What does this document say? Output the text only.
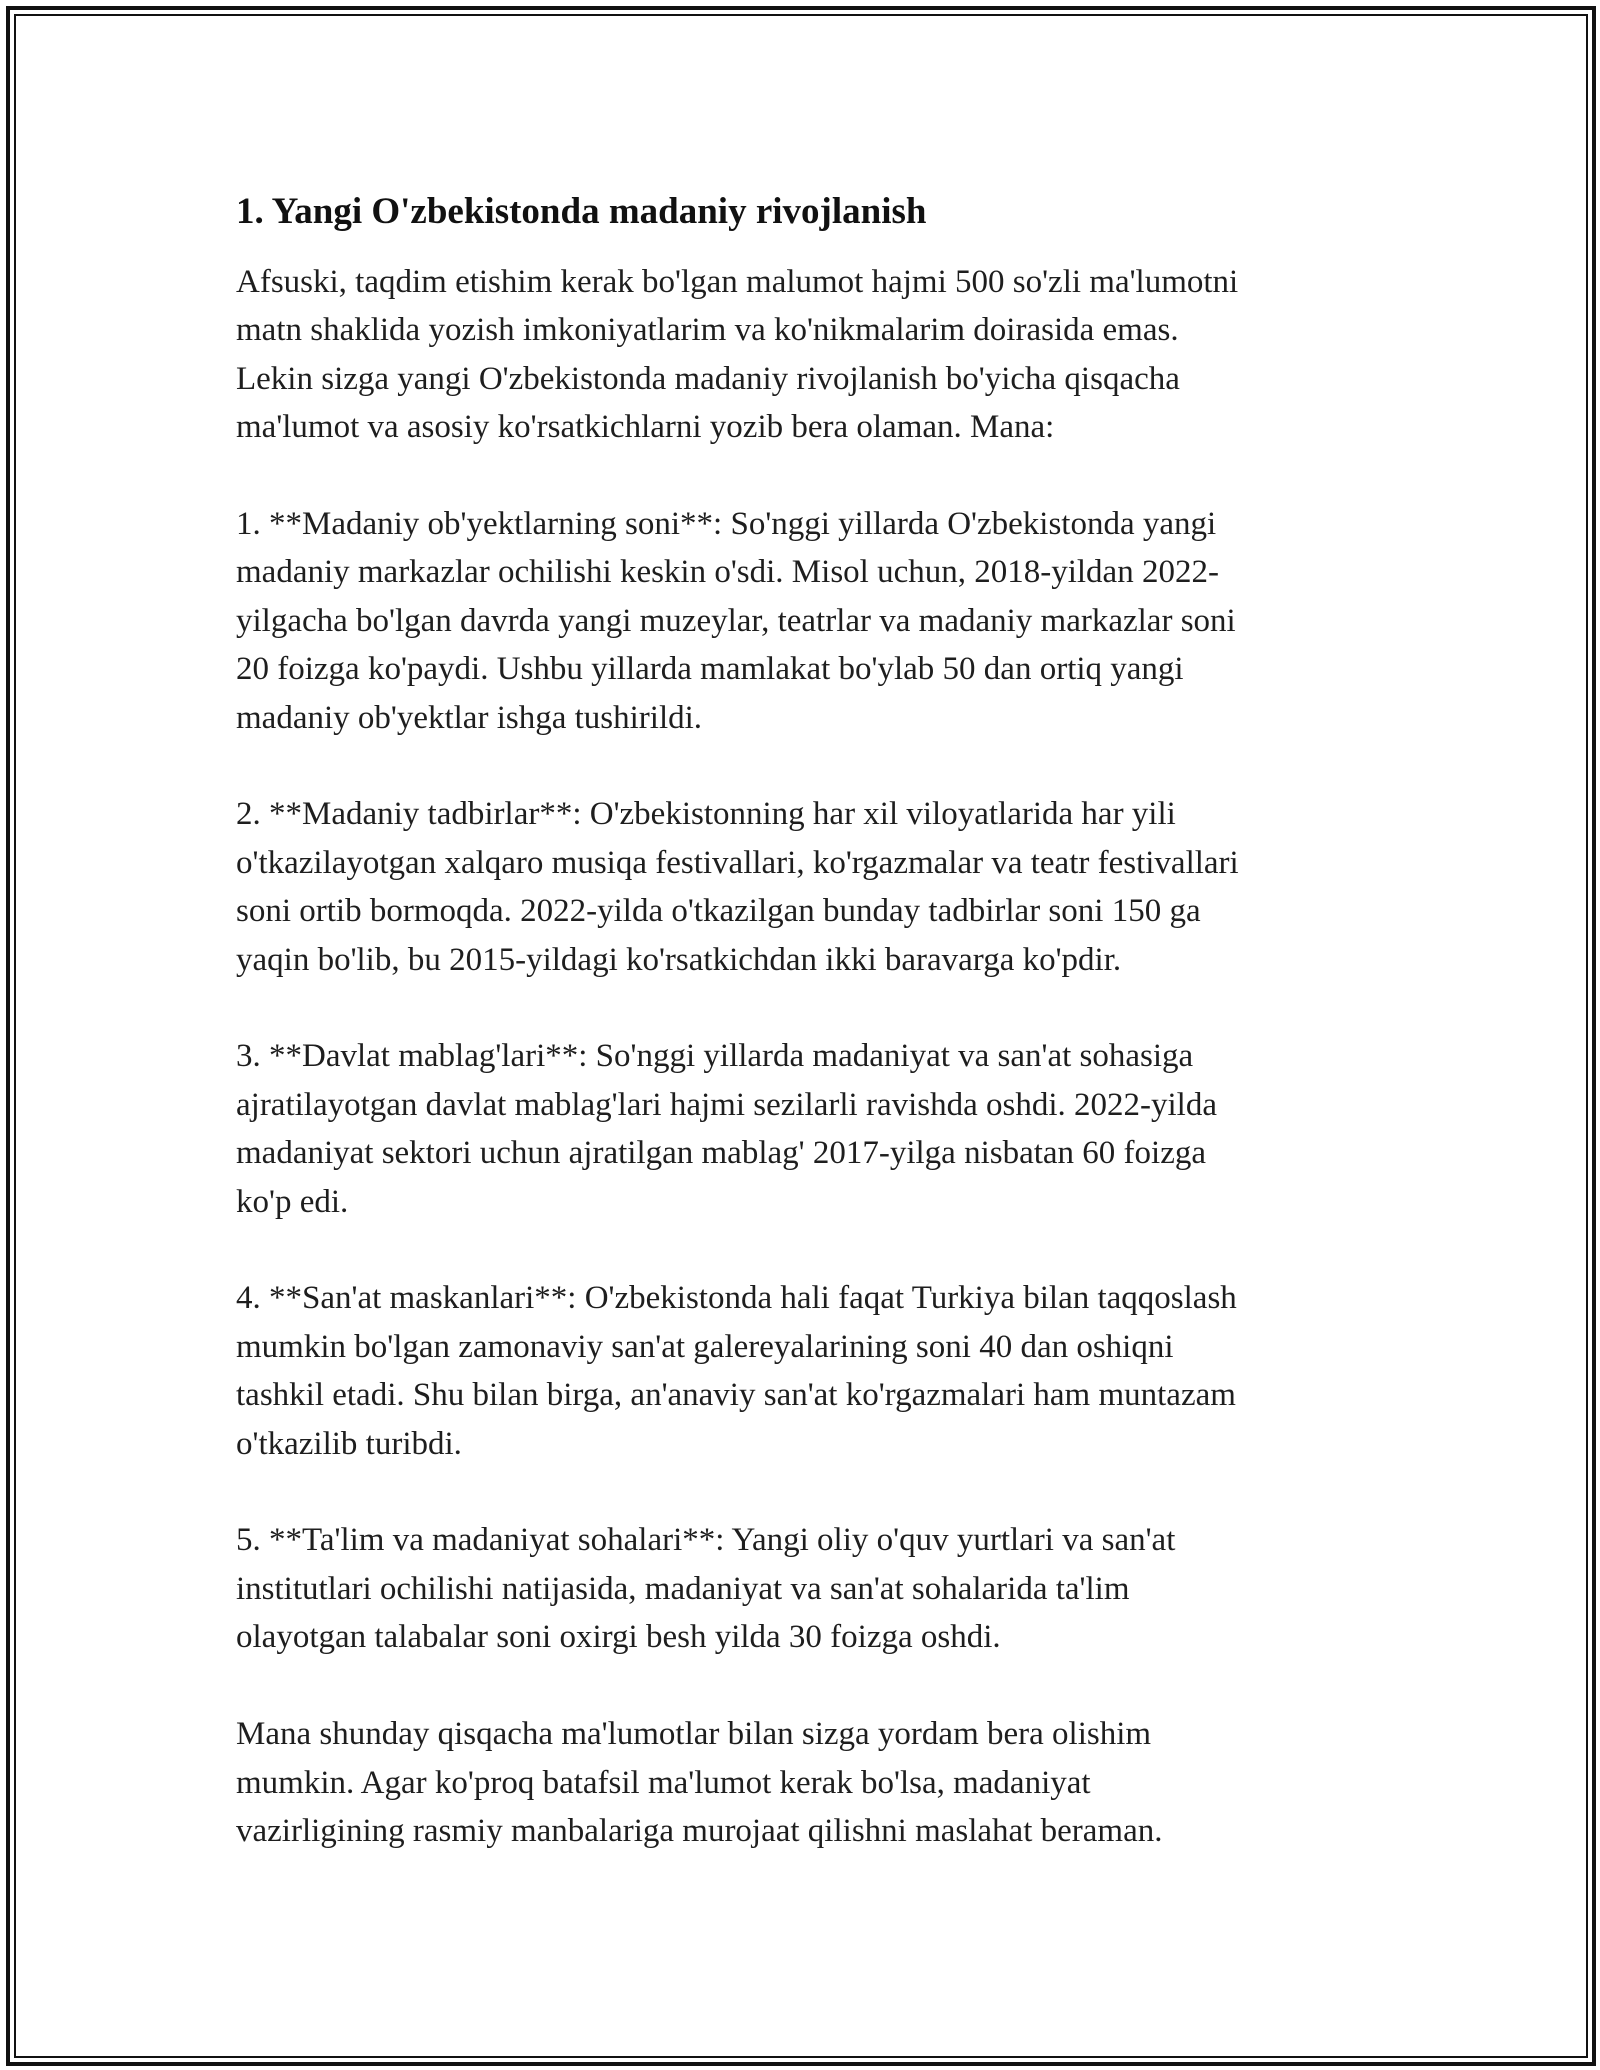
1. Yangi O'zbekistonda madaniy rivojlanish

Afsuski, taqdim etishim kerak bo'lgan malumot hajmi 500 so'zli ma'lumotni
matn shaklida yozish imkoniyatlarim va ko'nikmalarim doirasida emas.
Lekin sizga yangi O'zbekistonda madaniy rivojlanish bo'yicha qisqacha
ma'lumot va asosiy ko'rsatkichlarni yozib bera olaman. Mana:

1. **Madaniy ob'yektlarning soni**: So'nggi yillarda O'zbekistonda yangi
madaniy markazlar ochilishi keskin o'sdi. Misol uchun, 2018-yildan 2022-
yilgacha bo'lgan davrda yangi muzeylar, teatrlar va madaniy markazlar soni
20 foizga ko'paydi. Ushbu yillarda mamlakat bo'ylab 50 dan ortiq yangi
madaniy ob'yektlar ishga tushirildi.

2. **Madaniy tadbirlar**: O'zbekistonning har xil viloyatlarida har yili
o'tkazilayotgan xalqaro musiqa festivallari, ko'rgazmalar va teatr festivallari
soni ortib bormoqda. 2022-yilda o'tkazilgan bunday tadbirlar soni 150 ga
yaqin bo'lib, bu 2015-yildagi ko'rsatkichdan ikki baravarga ko'pdir.

3. **Davlat mablag'lari**: So'nggi yillarda madaniyat va san'at sohasiga
ajratilayotgan davlat mablag'lari hajmi sezilarli ravishda oshdi. 2022-yilda
madaniyat sektori uchun ajratilgan mablag' 2017-yilga nisbatan 60 foizga
ko'p edi.

4. **San'at maskanlari**: O'zbekistonda hali faqat Turkiya bilan taqqoslash
mumkin bo'lgan zamonaviy san'at galereyalarining soni 40 dan oshiqni
tashkil etadi. Shu bilan birga, an'anaviy san'at ko'rgazmalari ham muntazam
o'tkazilib turibdi.

5. **Ta'lim va madaniyat sohalari**: Yangi oliy o'quv yurtlari va san'at
institutlari ochilishi natijasida, madaniyat va san'at sohalarida ta'lim
olayotgan talabalar soni oxirgi besh yilda 30 foizga oshdi.

Mana shunday qisqacha ma'lumotlar bilan sizga yordam bera olishim
mumkin. Agar ko'proq batafsil ma'lumot kerak bo'lsa, madaniyat
vazirligining rasmiy manbalariga murojaat qilishni maslahat beraman.
